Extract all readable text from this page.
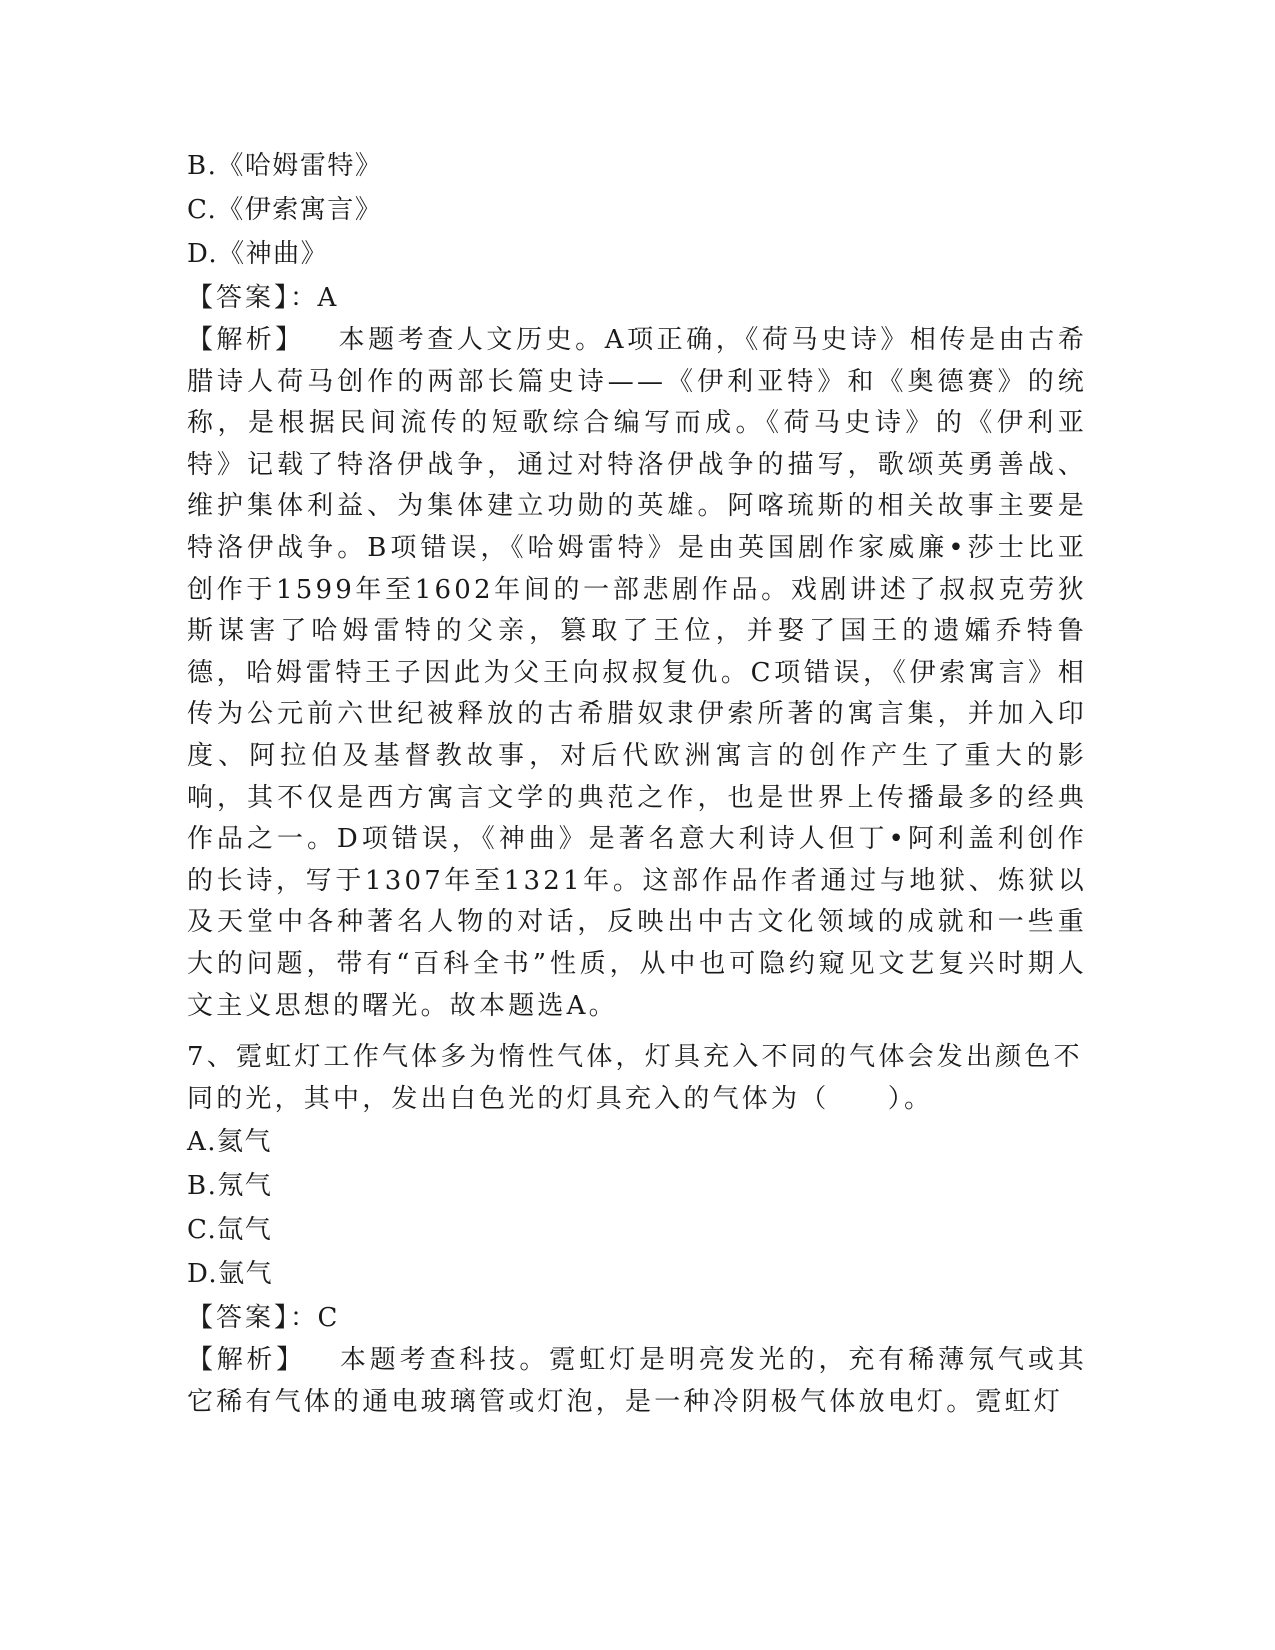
B.《哈姆雷特》
C.《伊索寓言》
D.《神曲》
【答案】：A
【解析】 本题考查人文历史。A项正确，《荷马史诗》相传是由古希腊诗人荷马创作的两部长篇史诗——《伊利亚特》和《奥德赛》的统称，是根据民间流传的短歌综合编写而成。《荷马史诗》的《伊利亚特》记载了特洛伊战争，通过对特洛伊战争的描写，歌颂英勇善战、维护集体利益、为集体建立功勋的英雄。阿喀琉斯的相关故事主要是特洛伊战争。B项错误，《哈姆雷特》是由英国剧作家威廉•莎士比亚创作于1599年至1602年间的一部悲剧作品。戏剧讲述了叔叔克劳狄斯谋害了哈姆雷特的父亲，篡取了王位，并娶了国王的遗孀乔特鲁德，哈姆雷特王子因此为父王向叔叔复仇。C项错误，《伊索寓言》相传为公元前六世纪被释放的古希腊奴隶伊索所著的寓言集，并加入印度、阿拉伯及基督教故事，对后代欧洲寓言的创作产生了重大的影响，其不仅是西方寓言文学的典范之作，也是世界上传播最多的经典作品之一。D项错误，《神曲》是著名意大利诗人但丁•阿利盖利创作的长诗，写于1307年至1321年。这部作品作者通过与地狱、炼狱以及天堂中各种著名人物的对话，反映出中古文化领域的成就和一些重大的问题，带有“百科全书”性质，从中也可隐约窥见文艺复兴时期人文主义思想的曙光。故本题选A。
7、霓虹灯工作气体多为惰性气体，灯具充入不同的气体会发出颜色不同的光，其中，发出白色光的灯具充入的气体为（　　）。
A.氦气
B.氖气
C.氙气
D.氩气
【答案】：C
【解析】 本题考查科技。霓虹灯是明亮发光的，充有稀薄氖气或其它稀有气体的通电玻璃管或灯泡，是一种冷阴极气体放电灯。霓虹灯
